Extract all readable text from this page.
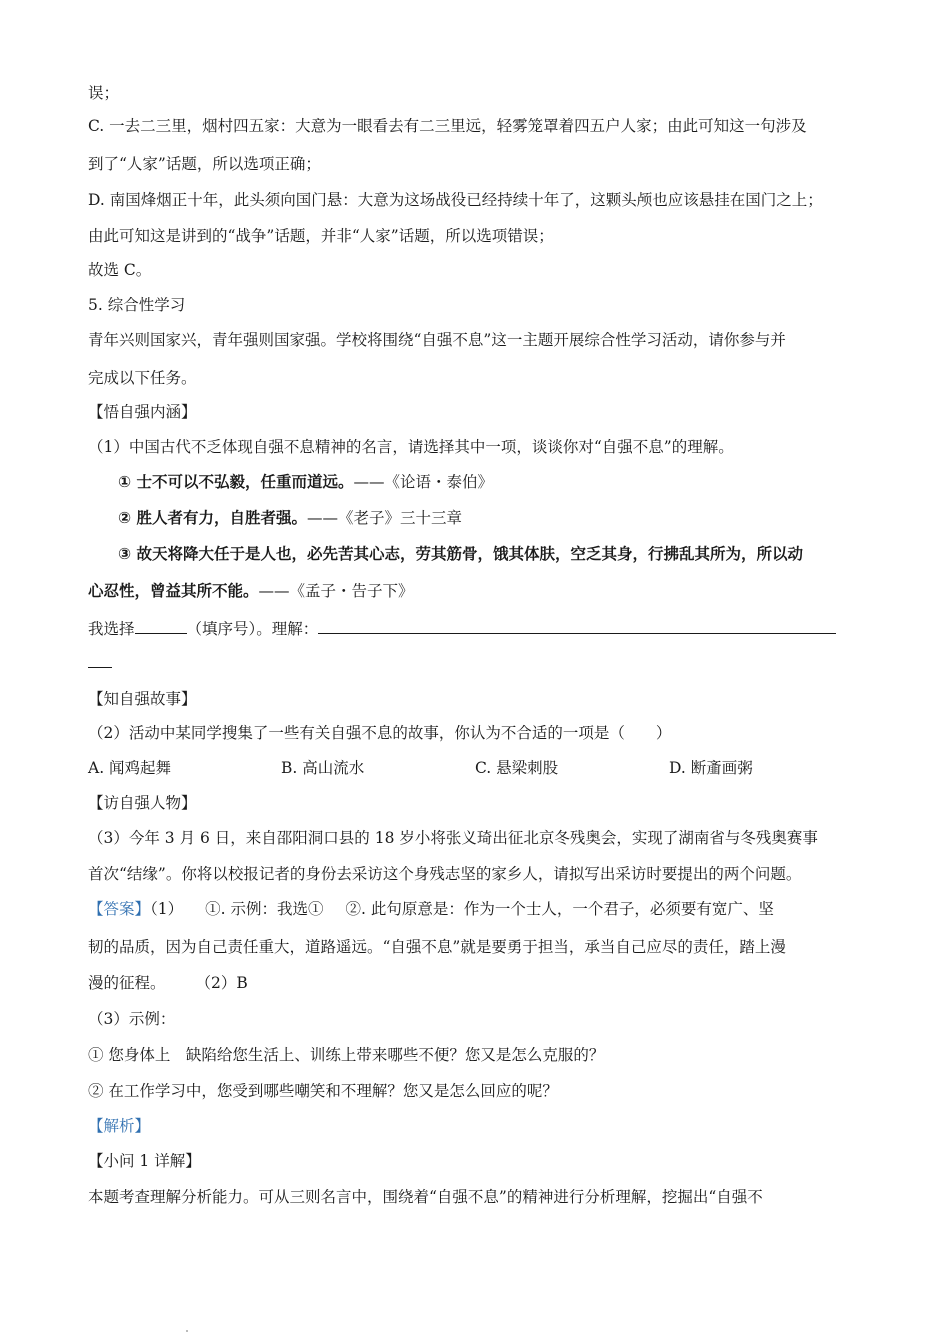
误；
C. 一去二三里，烟村四五家：大意为一眼看去有二三里远，轻雾笼罩着四五户人家；由此可知这一句涉及
到了“人家”话题，所以选项正确；
D. 南国烽烟正十年，此头须向国门悬：大意为这场战役已经持续十年了，这颗头颅也应该悬挂在国门之上；
由此可知这是讲到的“战争”话题，并非“人家”话题，所以选项错误；
故选 C。
5. 综合性学习
青年兴则国家兴，青年强则国家强。学校将围绕“自强不息”这一主题开展综合性学习活动，请你参与并
完成以下任务。
【悟自强内涵】
（1）中国古代不乏体现自强不息精神的名言，请选择其中一项，谈谈你对“自强不息”的理解。
① 士不可以不弘毅，任重而道远。——《论语・泰伯》
② 胜人者有力，自胜者强。——《老子》三十三章
③ 故天将降大任于是人也，必先苦其心志，劳其筋骨，饿其体肤，空乏其身，行拂乱其所为，所以动
心忍性，曾益其所不能。——《孟子・告子下》
我选择	（填序号）。理解：
【知自强故事】
（2）活动中某同学搜集了一些有关自强不息的故事，你认为不合适的一项是（　　）
A. 闻鸡起舞	B. 高山流水	C. 悬梁刺股	D. 断齑画粥
【访自强人物】
（3）今年 3 月 6 日，来自邵阳洞口县的 18 岁小将张义琦出征北京冬残奥会，实现了湖南省与冬残奥赛事
首次“结缘”。你将以校报记者的身份去采访这个身残志坚的家乡人，请拟写出采访时要提出的两个问题。
【答案】（1） ①. 示例：我选① ②. 此句原意是：作为一个士人，一个君子，必须要有宽广、坚
韧的品质，因为自己责任重大，道路遥远。“自强不息”就是要勇于担当，承当自己应尽的责任，踏上漫
漫的征程。 （2）B
（3）示例：
① 您身体上　缺陷给您生活上、训练上带来哪些不便？您又是怎么克服的？
② 在工作学习中，您受到哪些嘲笑和不理解？您又是怎么回应的呢？
【解析】
【小问 1 详解】
本题考查理解分析能力。可从三则名言中，围绕着“自强不息”的精神进行分析理解，挖掘出“自强不
